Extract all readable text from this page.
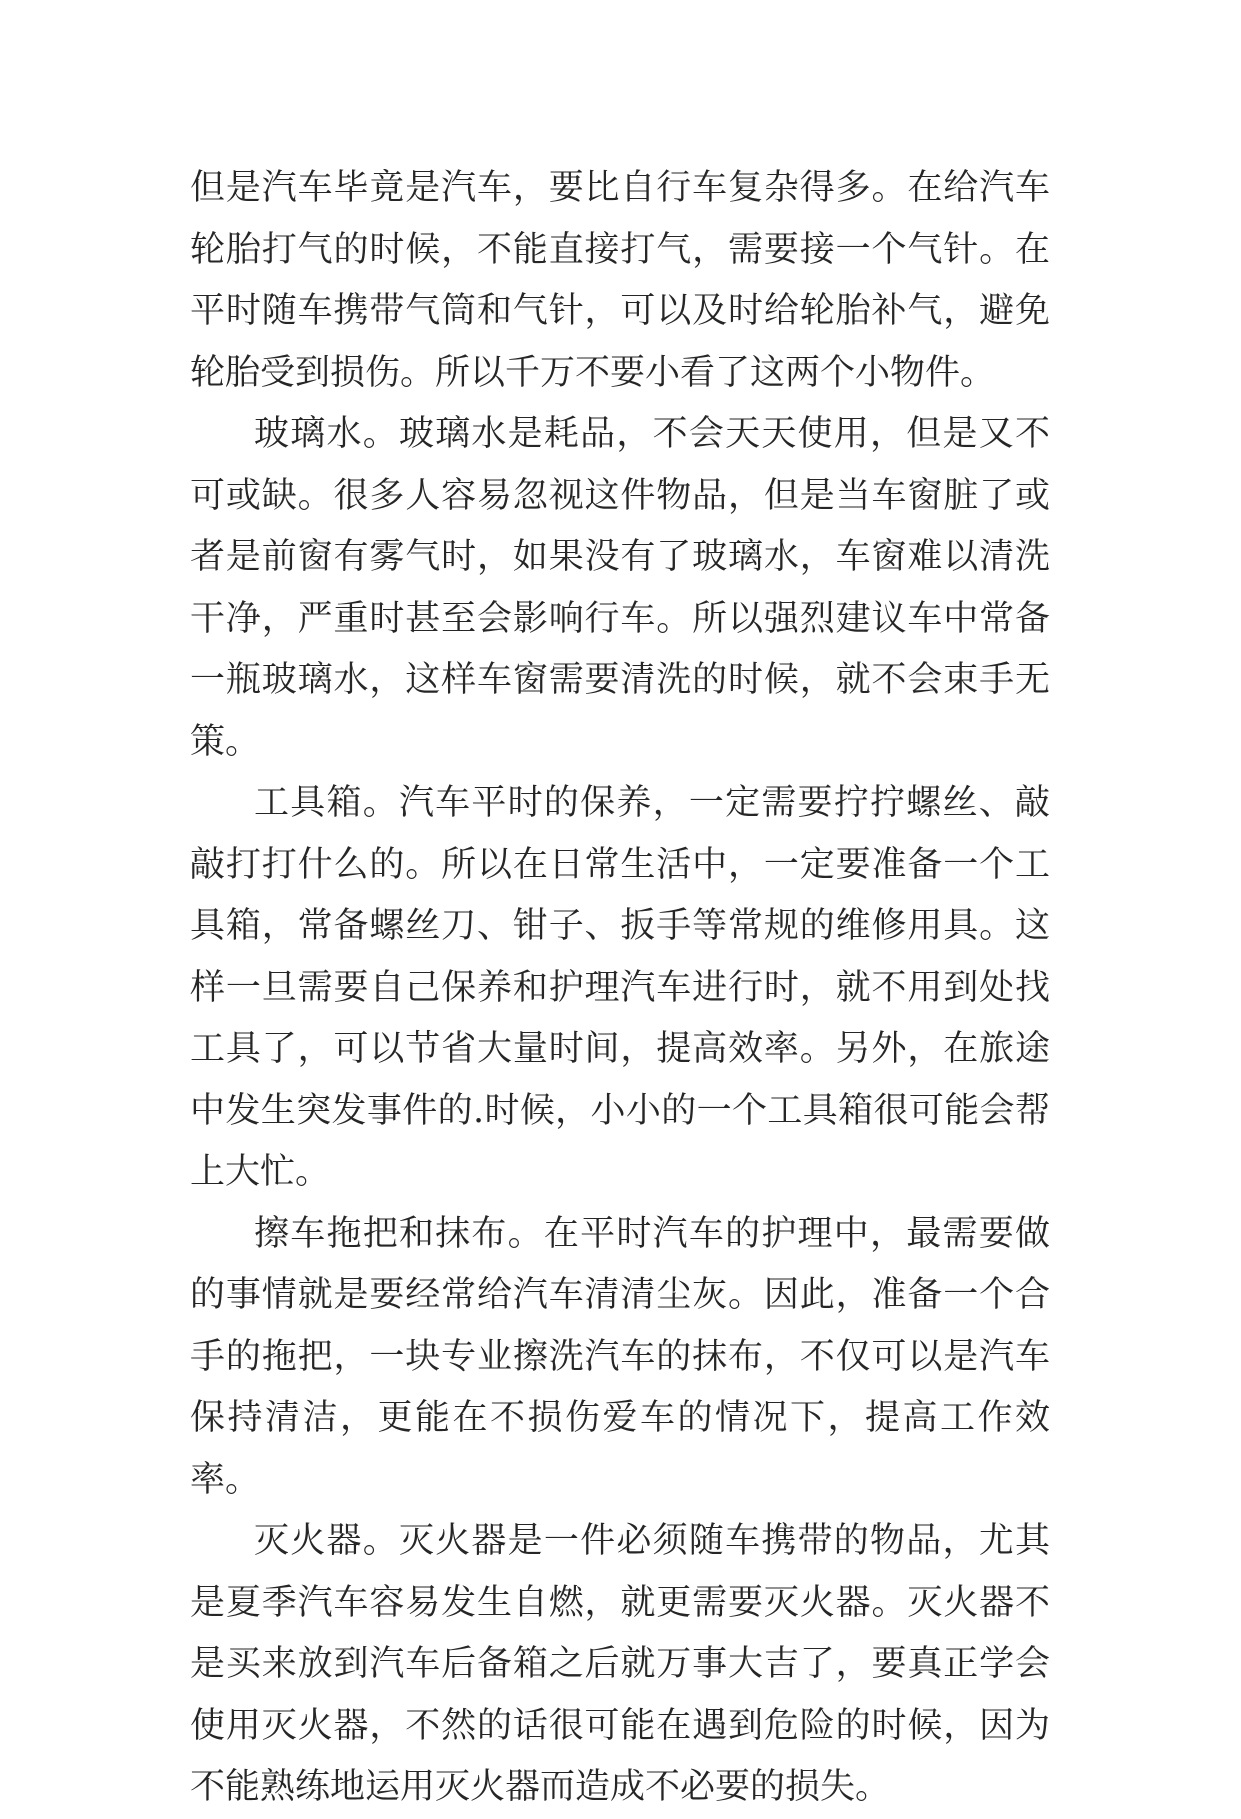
但是汽车毕竟是汽车，要比自行车复杂得多。在给汽车轮胎打气的时候，不能直接打气，需要接一个气针。在平时随车携带气筒和气针，可以及时给轮胎补气，避免轮胎受到损伤。所以千万不要小看了这两个小物件。

玻璃水。玻璃水是耗品，不会天天使用，但是又不可或缺。很多人容易忽视这件物品，但是当车窗脏了或者是前窗有雾气时，如果没有了玻璃水，车窗难以清洗干净，严重时甚至会影响行车。所以强烈建议车中常备一瓶玻璃水，这样车窗需要清洗的时候，就不会束手无策。

工具箱。汽车平时的保养，一定需要拧拧螺丝、敲敲打打什么的。所以在日常生活中，一定要准备一个工具箱，常备螺丝刀、钳子、扳手等常规的维修用具。这样一旦需要自己保养和护理汽车进行时，就不用到处找工具了，可以节省大量时间，提高效率。另外，在旅途中发生突发事件的.时候，小小的一个工具箱很可能会帮上大忙。

擦车拖把和抹布。在平时汽车的护理中，最需要做的事情就是要经常给汽车清清尘灰。因此，准备一个合手的拖把，一块专业擦洗汽车的抹布，不仅可以是汽车保持清洁，更能在不损伤爱车的情况下，提高工作效率。

灭火器。灭火器是一件必须随车携带的物品，尤其是夏季汽车容易发生自燃，就更需要灭火器。灭火器不是买来放到汽车后备箱之后就万事大吉了，要真正学会使用灭火器，不然的话很可能在遇到危险的时候，因为不能熟练地运用灭火器而造成不必要的损失。
